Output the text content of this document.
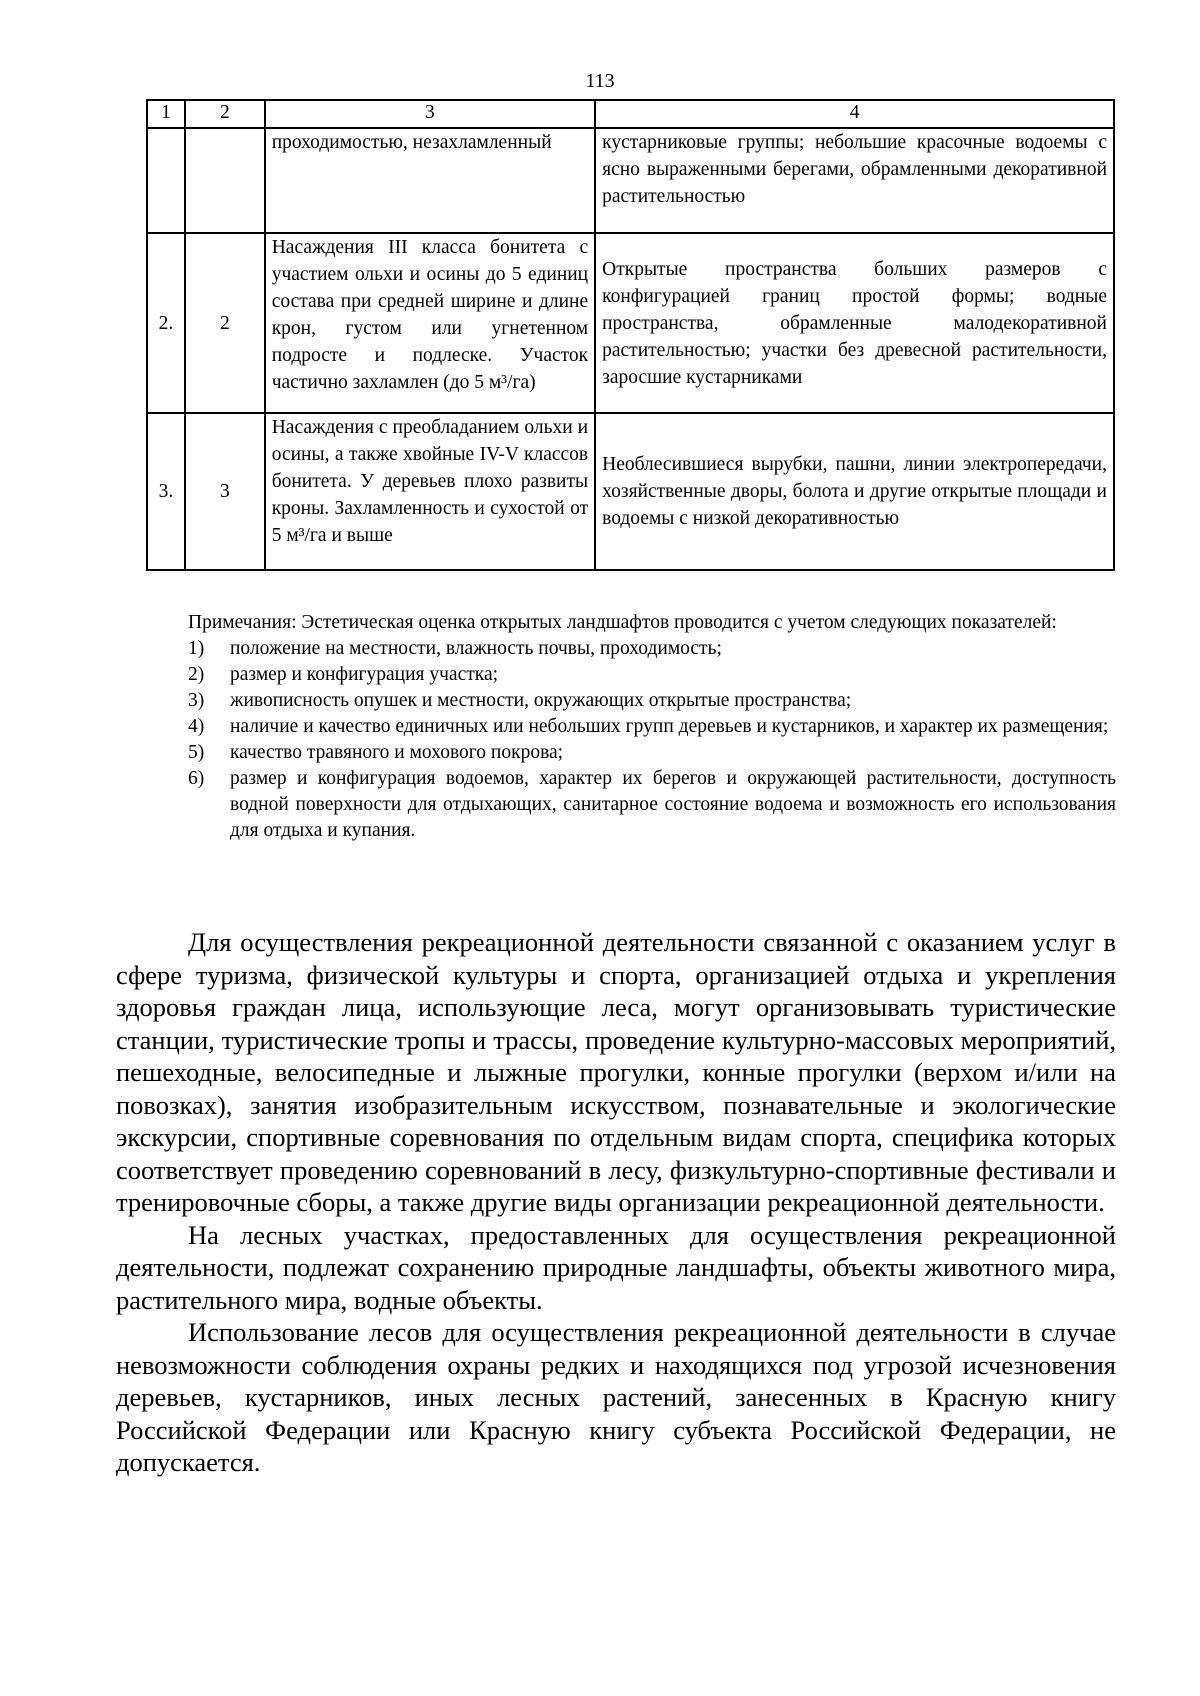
113
1	2	3	4
		проходимостью, незахламленный	кустарниковые группы; небольшие красочные водоемы с ясно выраженными берегами, обрамленными декоративной растительностью
2.	2	Насаждения III класса бонитета с участием ольхи и осины до 5 единиц состава при средней ширине и длине крон, густом или угнетенном подросте и подлеске. Участок частично захламлен (до 5 м³/га)	Открытые пространства больших размеров с конфигурацией границ простой формы; водные пространства, обрамленные малодекоративной растительностью; участки без древесной растительности, заросшие кустарниками
3.	3	Насаждения с преобладанием ольхи и осины, а также хвойные IV-V классов бонитета. У деревьев плохо развиты кроны. Захламленность и сухостой от 5 м³/га и выше	Необлесившиеся вырубки, пашни, линии электропередачи, хозяйственные дворы, болота и другие открытые площади и водоемы с низкой декоративностью

Примечания: Эстетическая оценка открытых ландшафтов проводится с учетом следующих показателей:

1)	положение на местности, влажность почвы, проходимость;
2)	размер и конфигурация участка;
3)	живописность опушек и местности, окружающих открытые пространства;
4)	наличие и качество единичных или небольших групп деревьев и кустарников, и характер их размещения;
5)	качество травяного и мохового покрова;
6)	размер и конфигурация водоемов, характер их берегов и окружающей растительности, доступность водной поверхности для отдыхающих, санитарное состояние водоема и возможность его использования для отдыха и купания.

Для осуществления рекреационной деятельности связанной с оказанием услуг в сфере туризма, физической культуры и спорта, организацией отдыха и укрепления здоровья граждан лица, использующие леса, могут организовывать туристические станции, туристические тропы и трассы, проведение культурно-массовых мероприятий, пешеходные, велосипедные и лыжные прогулки, конные прогулки (верхом и/или на повозках), занятия изобразительным искусством, познавательные и экологические экскурсии, спортивные соревнования по отдельным видам спорта, специфика которых соответствует проведению соревнований в лесу, физкультурно-спортивные фестивали и тренировочные сборы, а также другие виды организации рекреационной деятельности.

На лесных участках, предоставленных для осуществления рекреационной деятельности, подлежат сохранению природные ландшафты, объекты животного мира, растительного мира, водные объекты.

Использование лесов для осуществления рекреационной деятельности в случае невозможности соблюдения охраны редких и находящихся под угрозой исчезновения деревьев, кустарников, иных лесных растений, занесенных в Красную книгу Российской Федерации или Красную книгу субъекта Российской Федерации, не допускается.
